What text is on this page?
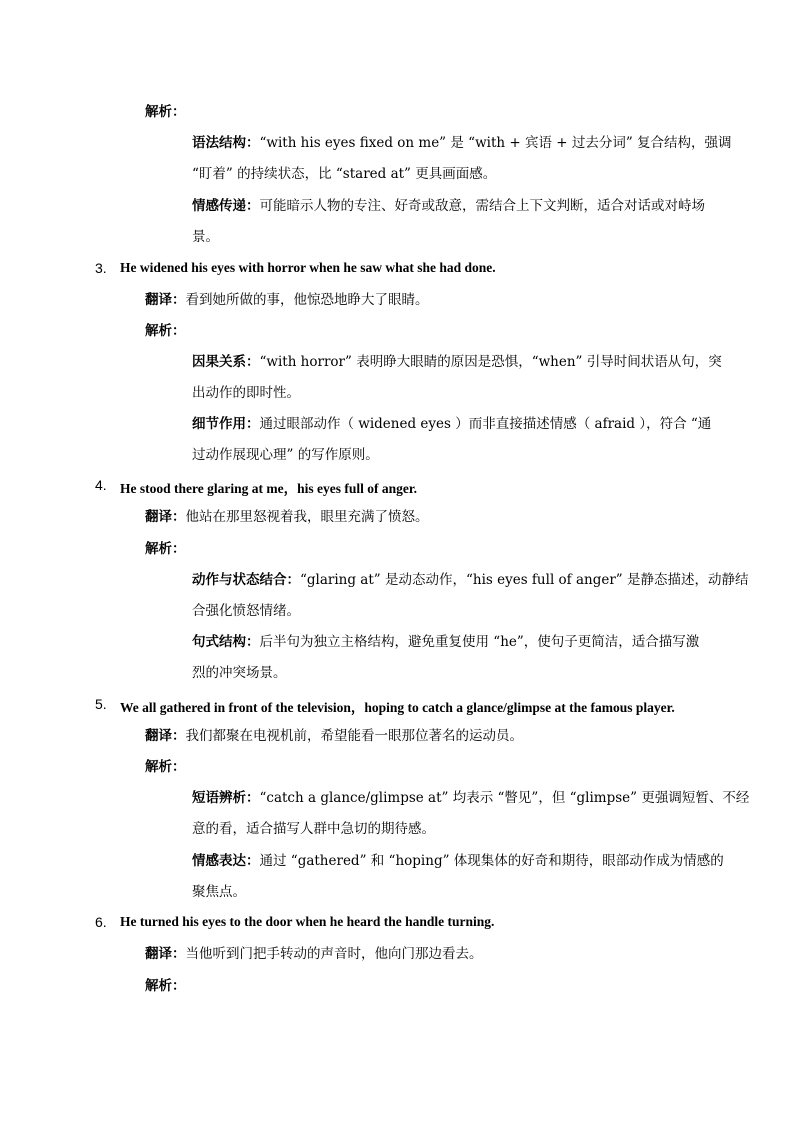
解析：
语法结构：“with his eyes fixed on me” 是 “with + 宾语 + 过去分词” 复合结构，强调
“盯着” 的持续状态，比 “stared at” 更具画面感。
情感传递：可能暗示人物的专注、好奇或敌意，需结合上下文判断，适合对话或对峙场
景。
3. He widened his eyes with horror when he saw what she had done.
翻译：看到她所做的事，他惊恐地睁大了眼睛。
解析：
因果关系：“with horror” 表明睁大眼睛的原因是恐惧，“when” 引导时间状语从句，突
出动作的即时性。
细节作用：通过眼部动作（ widened eyes ）而非直接描述情感（ afraid ），符合 “通
过动作展现心理” 的写作原则。
4. He stood there glaring at me，his eyes full of anger.
翻译：他站在那里怒视着我，眼里充满了愤怒。
解析：
动作与状态结合：“glaring at” 是动态动作，“his eyes full of anger” 是静态描述，动静结
合强化愤怒情绪。
句式结构：后半句为独立主格结构，避免重复使用 “he”，使句子更简洁，适合描写激
烈的冲突场景。
5. We all gathered in front of the television，hoping to catch a glance/glimpse at the famous player.
翻译：我们都聚在电视机前，希望能看一眼那位著名的运动员。
解析：
短语辨析：“catch a glance/glimpse at” 均表示 “瞥见”，但 “glimpse” 更强调短暂、不经
意的看，适合描写人群中急切的期待感。
情感表达：通过 “gathered” 和 “hoping” 体现集体的好奇和期待，眼部动作成为情感的
聚焦点。
6. He turned his eyes to the door when he heard the handle turning.
翻译：当他听到门把手转动的声音时，他向门那边看去。
解析：
